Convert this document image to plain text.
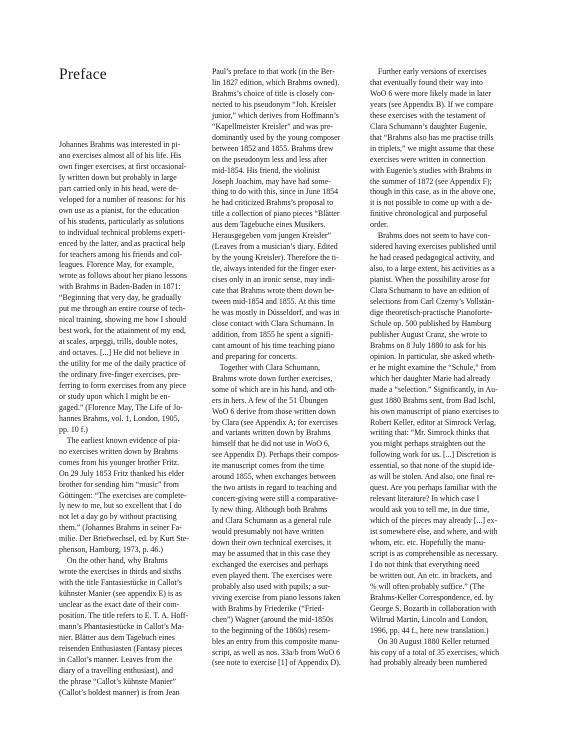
Preface
Johannes Brahms was interested in pi-
ano exercises almost all of his life. His
own finger exercises, at first occasional-
ly written down but probably in large
part carried only in his head, were de-
veloped for a number of reasons: for his
own use as a pianist, for the education
of his students, particularly as solutions
to individual technical problems experi-
enced by the latter, and as practical help
for teachers among his friends and col-
leagues. Florence May, for example,
wrote as follows about her piano lessons
with Brahms in Baden-Baden in 1871:
“Beginning that very day, he gradually
put me through an entire course of tech-
nical training, showing me how I should
best work, for the attainment of my end,
at scales, arpeggi, trills, double notes,
and octaves. [...] He did not believe in
the utility for me of the daily practice of
the ordinary five-finger exercises, pre-
ferring to form exercises from any piece
or study upon which I might be en-
gaged.” (Florence May, The Life of Jo-
hannes Brahms, vol. 1, London, 1905,
pp. 10 f.)
The earliest known evidence of pia-
no exercises written down by Brahms
comes from his younger brother Fritz.
On 29 July 1853 Fritz thanked his elder
brother for sending him “music” from
Göttingen: “The exercises are complete-
ly new to me, but so excellent that I do
not let a day go by without practising
them.” (Johannes Brahms in seiner Fa-
milie. Der Briefwechsel, ed. by Kurt Ste-
phenson, Hamburg, 1973, p. 46.)
On the other hand, why Brahms
wrote the exercises in thirds and sixths
with the title Fantasiestücke in Callot’s
kühnster Manier (see appendix E) is as
unclear as the exact date of their com-
position. The title refers to E. T. A. Hoff-
mann’s Phantasiestücke in Callot’s Ma-
nier. Blätter aus dem Tagebuch eines
reisenden Enthusiasten (Fantasy pieces
in Callot’s manner. Leaves from the
diary of a travelling enthusiast), and
the phrase “Callot’s kühnste Manier”
(Callot’s boldest manner) is from Jean
Paul’s preface to that work (in the Ber-
lin 1827 edition, which Brahms owned).
Brahms’s choice of title is closely con-
nected to his pseudonym “Joh. Kreisler
junior,” which derives from Hoffmann’s
“Kapellmeister Kreisler” and was pre-
dominantly used by the young composer
between 1852 and 1855. Brahms drew
on the pseudonym less and less after
mid-1854. His friend, the violinist
Joseph Joachim, may have had some-
thing to do with this, since in June 1854
he had criticized Brahms’s proposal to
title a collection of piano pieces “Blätter
aus dem Tagebuche eines Musikers.
Herausgegeben vom jungen Kreisler”
(Leaves from a musician’s diary. Edited
by the young Kreisler). Therefore the ti-
tle, always intended for the finger exer-
cises only in an ironic sense, may indi-
cate that Brahms wrote them down be-
tween mid-1854 and 1855. At this time
he was mostly in Düsseldorf, and was in
close contact with Clara Schumann. In
addition, from 1855 he spent a signifi-
cant amount of his time teaching piano
and preparing for concerts.
Together with Clara Schumann,
Brahms wrote down further exercises,
some of which are in his hand, and oth-
ers in hers. A few of the 51 Übungen
WoO 6 derive from those written down
by Clara (see Appendix A; for exercises
and variants written down by Brahms
himself that he did not use in WoO 6,
see Appendix D). Perhaps their compos-
ite manuscript comes from the time
around 1855, when exchanges between
the two artists in regard to teaching and
concert-giving were still a comparative-
ly new thing. Although both Brahms
and Clara Schumann as a general rule
would presumably not have written
down their own technical exercises, it
may be assumed that in this case they
exchanged the exercises and perhaps
even played them. The exercises were
probably also used with pupils; a sur-
viving exercise from piano lessons taken
with Brahms by Friederike (“Fried-
chen”) Wagner (around the mid-1850s
to the beginning of the 1860s) resem-
bles an entry from this composite manu-
script, as well as nos. 33a/b from WoO 6
(see note to exercise [1] of Appendix D).
Further early versions of exercises
that eventually found their way into
WoO 6 were more likely made in later
years (see Appendix B). If we compare
these exercises with the testament of
Clara Schumann’s daughter Eugenie,
that “Brahms also has me practise trills
in triplets,” we might assume that these
exercises were written in connection
with Eugenie’s studies with Brahms in
the summer of 1872 (see Appendix F);
though in this case, as in the above one,
it is not possible to come up with a de-
finitive chronological and purposeful
order.
Brahms does not seem to have con-
sidered having exercises published until
he had ceased pedagogical activity, and
also, to a large extent, his activities as a
pianist. When the possibility arose for
Clara Schumann to have an edition of
selections from Carl Czerny’s Vollstän-
dige theoretisch-practische Pianoforte-
Schule op. 500 published by Hamburg
publisher August Cranz, she wrote to
Brahms on 8 July 1880 to ask for his
opinion. In particular, she asked wheth-
er he might examine the “Schule,” from
which her daughter Marie had already
made a “selection.” Significantly, in Au-
gust 1880 Brahms sent, from Bad Ischl,
his own manuscript of piano exercises to
Robert Keller, editor at Simrock Verlag,
writing that: “Mr. Simrock thinks that
you might perhaps straighten out the
following work for us. [...] Discretion is
essential, so that none of the stupid ide-
as will be stolen. And also, one final re-
quest. Are you perhaps familiar with the
relevant literature? In which case I
would ask you to tell me, in due time,
which of the pieces may already [...] ex-
ist somewhere else, and where, and with
whom, etc. etc. Hopefully the manu-
script is as comprehensible as necessary.
I do not think that everything need
be written out. An etc. in brackets, and
% will often probably suffice.” (The
Brahms-Keller Correspondence, ed. by
George S. Bozarth in collaboration with
Wiltrud Martin, Lincoln and London,
1996, pp. 44 f., here new translation.)
On 30 August 1880 Keller returned
his copy of a total of 35 exercises, which
had probably already been numbered
